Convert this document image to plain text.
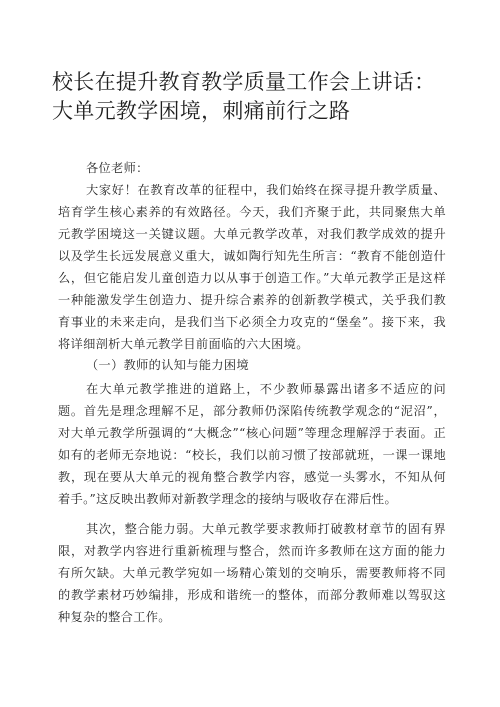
校长在提升教育教学质量工作会上讲话：大单元教学困境，刺痛前行之路

各位老师：

大家好！在教育改革的征程中，我们始终在探寻提升教学质量、培育学生核心素养的有效路径。今天，我们齐聚于此，共同聚焦大单元教学困境这一关键议题。大单元教学改革，对我们教学成效的提升以及学生长远发展意义重大，诚如陶行知先生所言：“教育不能创造什么，但它能启发儿童创造力以从事于创造工作。”大单元教学正是这样一种能激发学生创造力、提升综合素养的创新教学模式，关乎我们教育事业的未来走向，是我们当下必须全力攻克的“堡垒”。接下来，我将详细剖析大单元教学目前面临的六大困境。

（一）教师的认知与能力困境

在大单元教学推进的道路上，不少教师暴露出诸多不适应的问题。首先是理念理解不足，部分教师仍深陷传统教学观念的“泥沼”，对大单元教学所强调的“大概念”“核心问题”等理念理解浮于表面。正如有的老师无奈地说：“校长，我们以前习惯了按部就班，一课一课地教，现在要从大单元的视角整合教学内容，感觉一头雾水，不知从何着手。”这反映出教师对新教学理念的接纳与吸收存在滞后性。

其次，整合能力弱。大单元教学要求教师打破教材章节的固有界限，对教学内容进行重新梳理与整合，然而许多教师在这方面的能力有所欠缺。大单元教学宛如一场精心策划的交响乐，需要教师将不同的教学素材巧妙编排，形成和谐统一的整体，而部分教师难以驾驭这种复杂的整合工作。
